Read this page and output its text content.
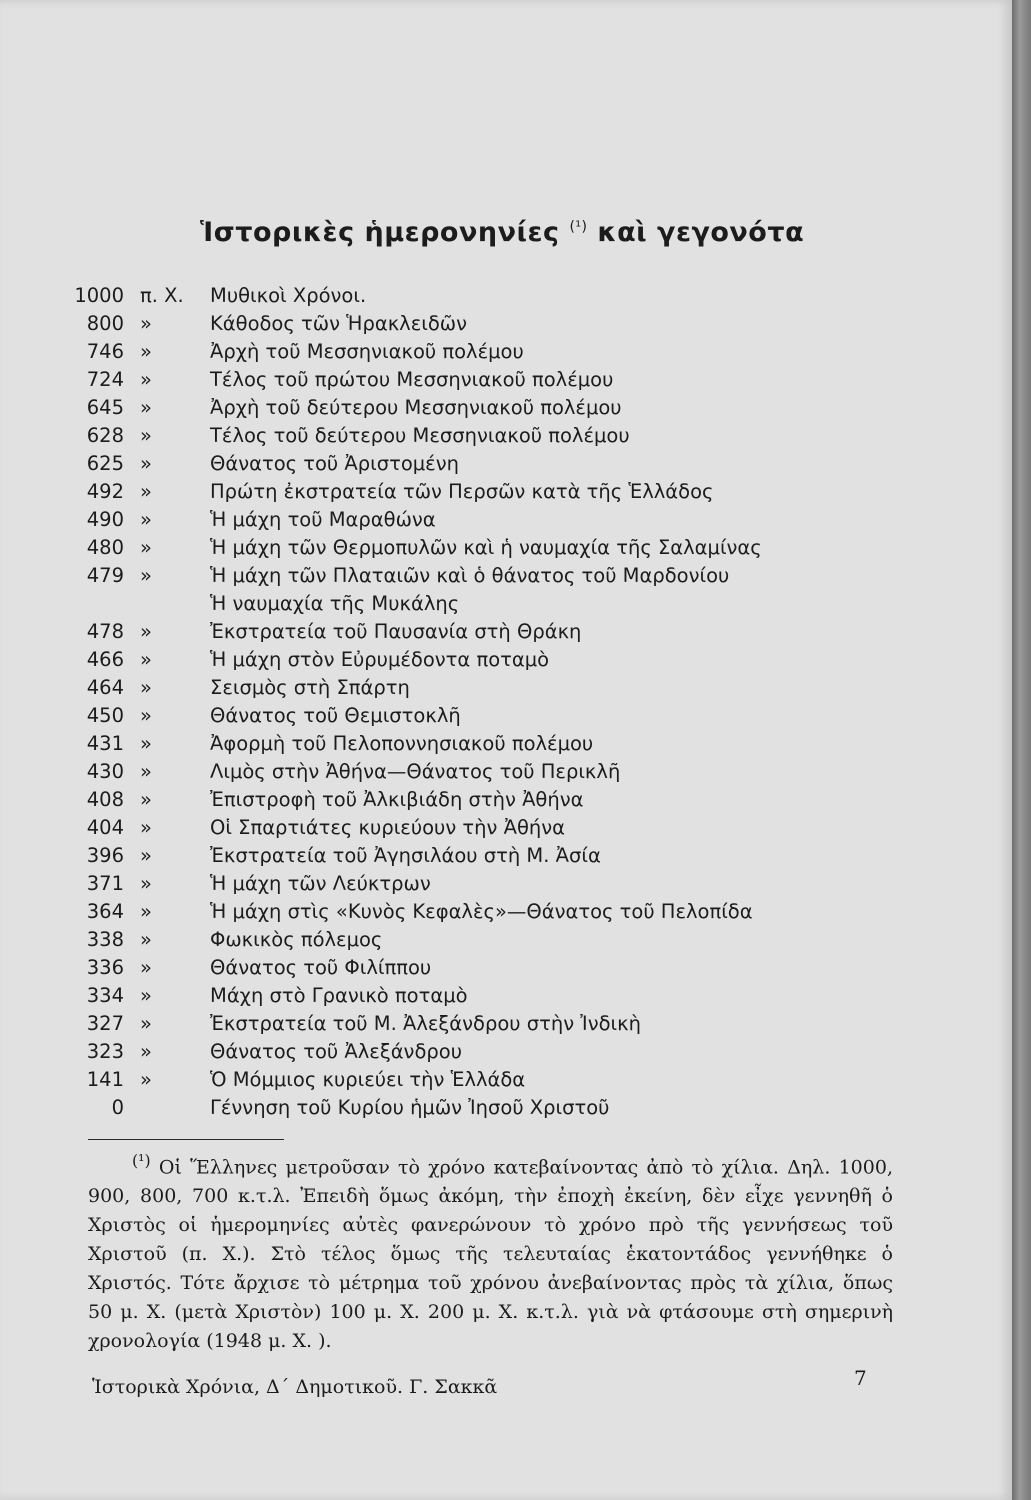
Ἱστορικὲς ἡμερονηνίες $^{(^1)}$ καὶ γεγονότα
1000 π. Χ. Μυθικοὶ Χρόνοι.
800 »	Κάθοδος τῶν Ἡρακλειδῶν
746 »	Ἀρχὴ τοῦ Μεσσηνιακοῦ πολέμου
724 »	Τέλος τοῦ πρώτου Μεσσηνιακοῦ πολέμου
645 »	Ἀρχὴ τοῦ δεύτερου Μεσσηνιακοῦ πολέμου
628 »	Τέλος τοῦ δεύτερου Μεσσηνιακοῦ πολέμου
625 »	Θάνατος τοῦ Ἀριστομένη
492 »	Πρώτη ἐκστρατεία τῶν Περσῶν κατὰ τῆς Ἑλλάδος
490 »	Ἡ μάχη τοῦ Μαραθώνα
480 »	Ἡ μάχη τῶν Θερμοπυλῶν καὶ ἡ ναυμαχία τῆς Σαλαμίνας
479 »	Ἡ μάχη τῶν Πλαταιῶν καὶ ὁ θάνατος τοῦ Μαρδονίου
Ἡ ναυμαχία τῆς Μυκάλης
478 »	Ἐκστρατεία τοῦ Παυσανία στὴ Θράκη
466 »	Ἡ μάχη στὸν Εὐρυμέδοντα ποταμὸ
464 »	Σεισμὸς στὴ Σπάρτη
450 »	Θάνατος τοῦ Θεμιστοκλῆ
431 »	Ἀφορμὴ τοῦ Πελοποννησιακοῦ πολέμου
430 »	Λιμὸς στὴν Ἀθήνα—Θάνατος τοῦ Περικλῆ
408 »	Ἐπιστροφὴ τοῦ Ἀλκιβιάδη στὴν Ἀθήνα
404 »	Οἱ Σπαρτιάτες κυριεύουν τὴν Ἀθήνα
396 »	Ἐκστρατεία τοῦ Ἀγησιλάου στὴ Μ. Ἀσία
371 »	Ἡ μάχη τῶν Λεύκτρων
364 »	Ἡ μάχη στὶς «Κυνὸς Κεφαλὲς»—Θάνατος τοῦ Πελοπίδα
338 »	Φωκικὸς πόλεμος
336 »	Θάνατος τοῦ Φιλίππου
334 »	Μάχη στὸ Γρανικὸ ποταμὸ
327 »	Ἐκστρατεία τοῦ Μ. Ἀλεξάνδρου στὴν Ἰνδικὴ
323 »	Θάνατος τοῦ Ἀλεξάνδρου
141 »	Ὁ Μόμμιος κυριεύει τὴν Ἑλλάδα
0	Γέννηση τοῦ Κυρίου ἡμῶν Ἰησοῦ Χριστοῦ
$^{(^1)}$ Οἱ Ἕλληνες μετροῦσαν τὸ χρόνο κατεβαίνοντας ἀπὸ τὸ χίλια. Δηλ. 1000, 900, 800, 700 κ.τ.λ. Ἐπειδὴ ὅμως ἀκόμη, τὴν ἐποχὴ ἐκείνη, δὲν εἶχε γεννηθῆ ὁ Χριστὸς οἱ ἡμερομηνίες αὐτὲς φανερώνουν τὸ χρόνο πρὸ τῆς γεννήσεως τοῦ Χριστοῦ (π. Χ.). Στὸ τέλος ὅμως τῆς τελευταίας ἑκατοντάδος γεννήθηκε ὁ Χριστός. Τότε ἄρχισε τὸ μέτρημα τοῦ χρόνου ἀνεβαίνοντας πρὸς τὰ χίλια, ὅπως 50 μ. Χ. (μετὰ Χριστὸν) 100 μ. Χ. 200 μ. Χ. κ.τ.λ. γιὰ νὰ φτάσουμε στὴ σημερινὴ χρονολογία (1948 μ. Χ. ).
Ἱστορικὰ Χρόνια, Δ΄ Δημοτικοῦ. Γ. Σακκᾶ	7
